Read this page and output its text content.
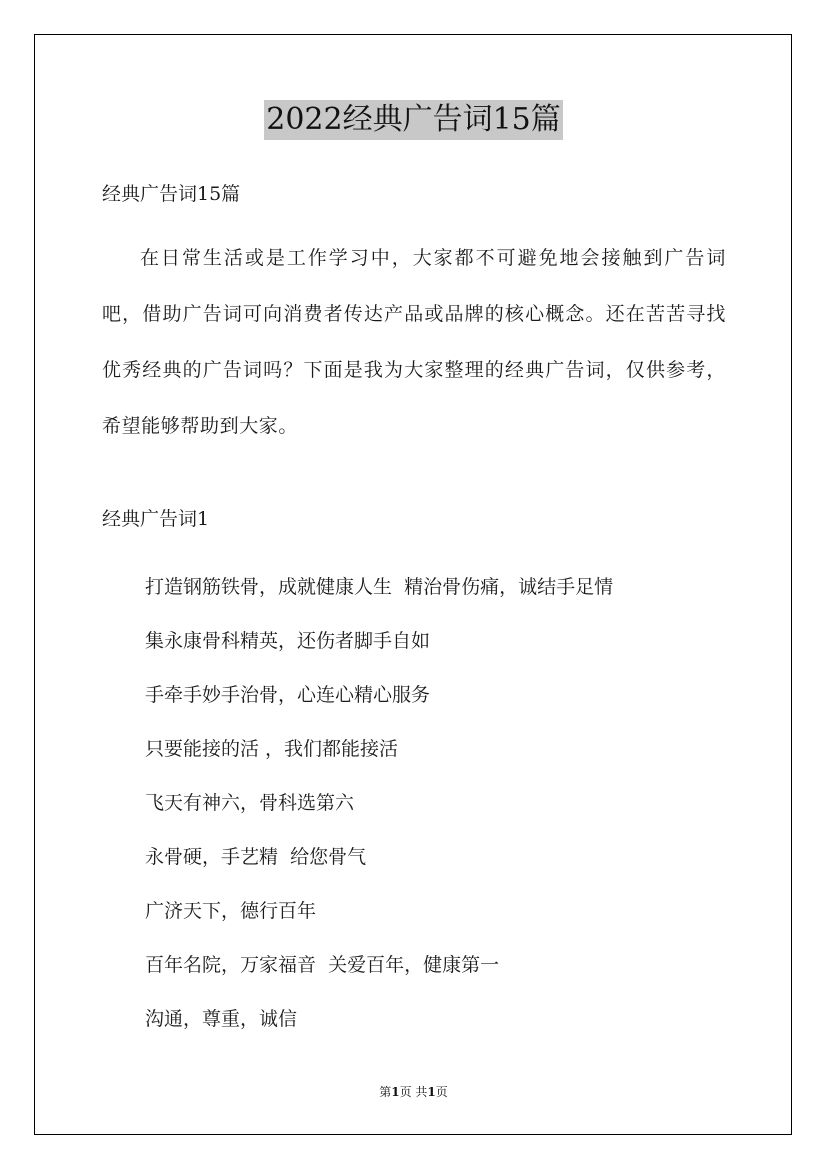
2022经典广告词15篇
经典广告词15篇

在日常生活或是工作学习中，大家都不可避免地会接触到广告词吧，借助广告词可向消费者传达产品或品牌的核心概念。还在苦苦寻找优秀经典的广告词吗？下面是我为大家整理的经典广告词，仅供参考，希望能够帮助到大家。

经典广告词1
打造钢筋铁骨，成就健康人生  精治骨伤痛，诚结手足情
集永康骨科精英，还伤者脚手自如
手牵手妙手治骨，心连心精心服务
只要能接的活 ，我们都能接活
飞天有神六，骨科选第六
永骨硬，手艺精  给您骨气
广济天下，德行百年
百年名院，万家福音  关爱百年，健康第一
沟通，尊重，诚信
第1页 共1页
